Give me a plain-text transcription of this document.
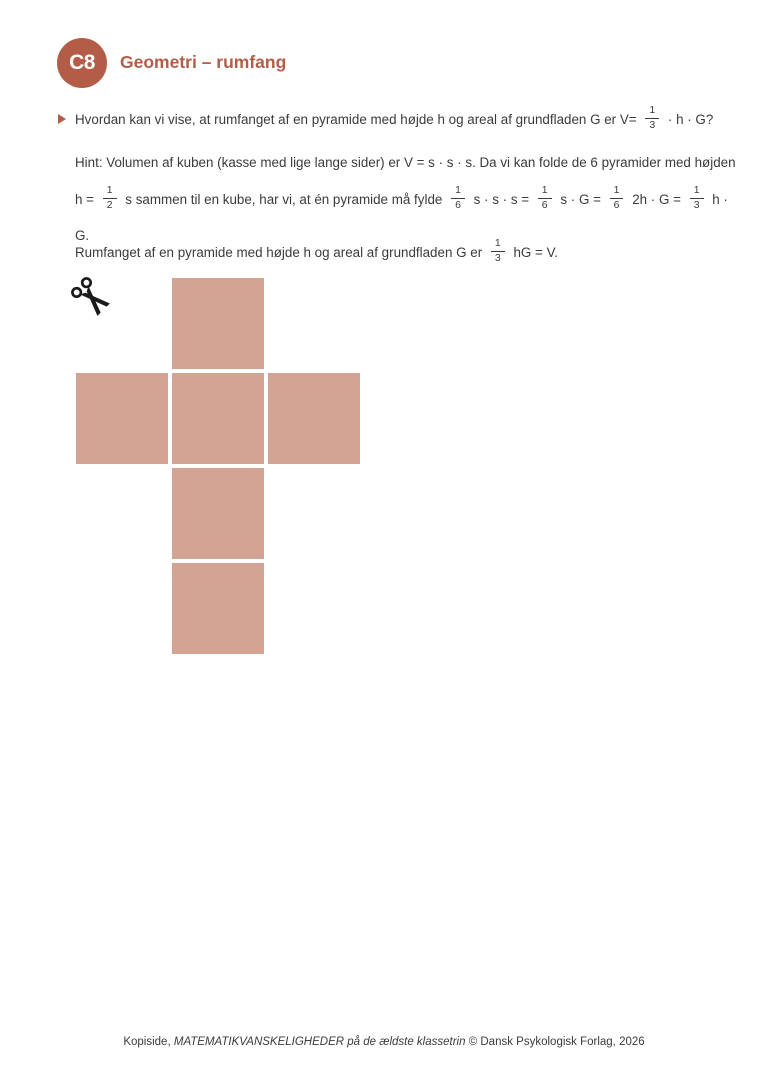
C8	Geometri – rumfang
Hvordan kan vi vise, at rumfanget af en pyramide med højde h og areal af grundfladen G er $V= \frac{1}{3} \cdot h \cdot G$?
Hint: Volumen af kuben (kasse med lige lange sider) er V = s · s · s. Da vi kan folde de 6 pyramider med højden
$h = \frac{1}{2}$ s sammen til en kube, har vi, at én pyramide må fylde $\frac{1}{6}$ $s \cdot s \cdot s = \frac{1}{6}$ $s \cdot G = \frac{1}{6} 2h \cdot G = \frac{1}{3}$ h · G.
Rumfanget af en pyramide med højde h og areal af grundfladen G er $\frac{1}{3}$ hG = V.
Kopiside, MATEMATIKVANSKELIGHEDER på de ældste klassetrin © Dansk Psykologisk Forlag, 2026
